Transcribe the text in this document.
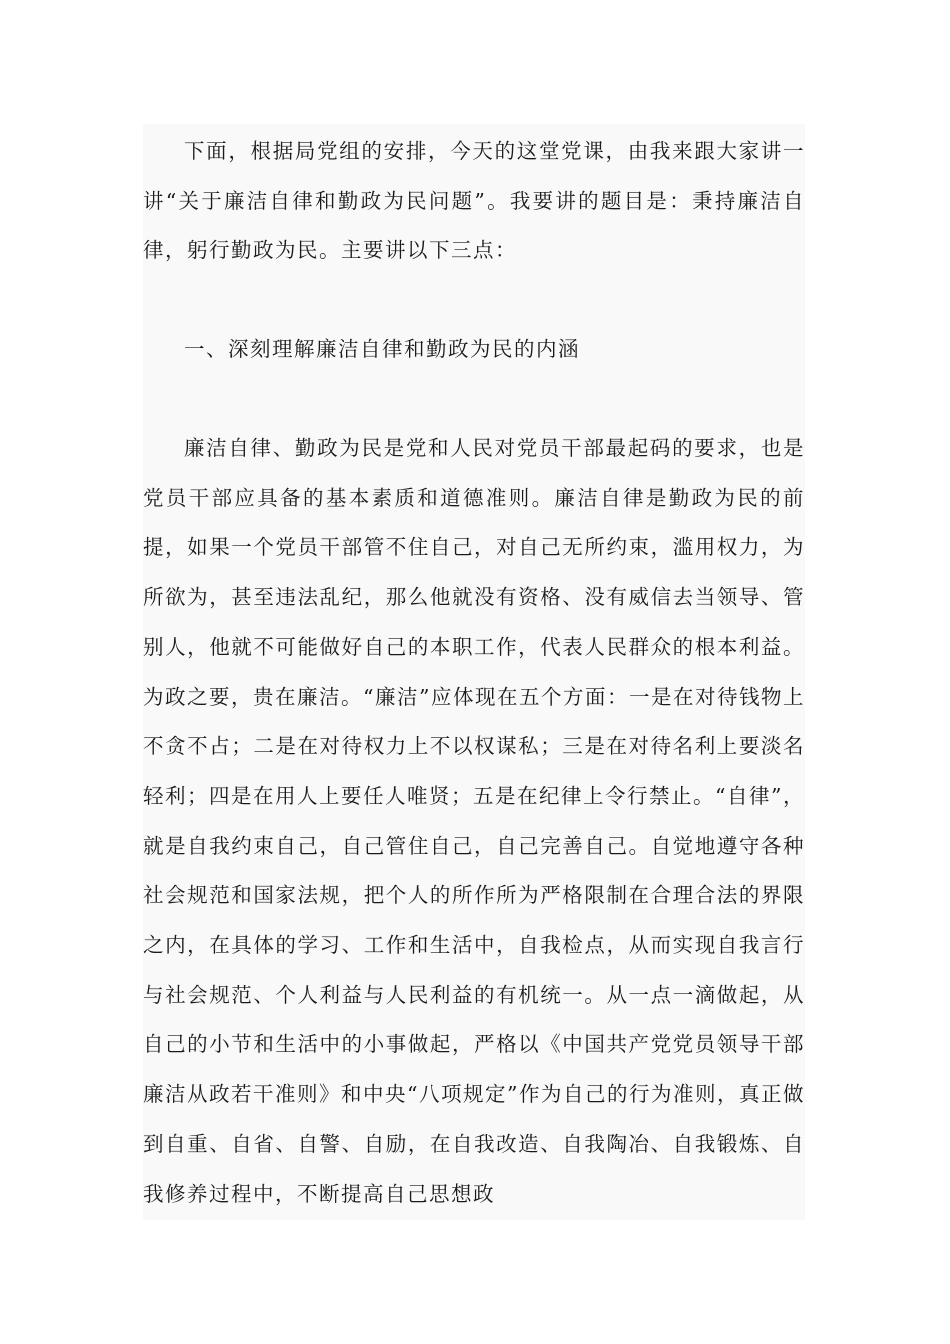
下面，根据局党组的安排，今天的这堂党课，由我来跟大家讲一讲“关于廉洁自律和勤政为民问题”。我要讲的题目是：秉持廉洁自律，躬行勤政为民。主要讲以下三点：

一、深刻理解廉洁自律和勤政为民的内涵

廉洁自律、勤政为民是党和人民对党员干部最起码的要求，也是党员干部应具备的基本素质和道德准则。廉洁自律是勤政为民的前提，如果一个党员干部管不住自己，对自己无所约束，滥用权力，为所欲为，甚至违法乱纪，那么他就没有资格、没有威信去当领导、管别人，他就不可能做好自己的本职工作，代表人民群众的根本利益。为政之要，贵在廉洁。“廉洁”应体现在五个方面：一是在对待钱物上不贪不占；二是在对待权力上不以权谋私；三是在对待名利上要淡名轻利；四是在用人上要任人唯贤；五是在纪律上令行禁止。“自律”，就是自我约束自己，自己管住自己，自己完善自己。自觉地遵守各种社会规范和国家法规，把个人的所作所为严格限制在合理合法的界限之内，在具体的学习、工作和生活中，自我检点，从而实现自我言行与社会规范、个人利益与人民利益的有机统一。从一点一滴做起，从自己的小节和生活中的小事做起，严格以《中国共产党党员领导干部廉洁从政若干准则》和中央“八项规定”作为自己的行为准则，真正做到自重、自省、自警、自励，在自我改造、自我陶冶、自我锻炼、自我修养过程中，不断提高自己思想政
